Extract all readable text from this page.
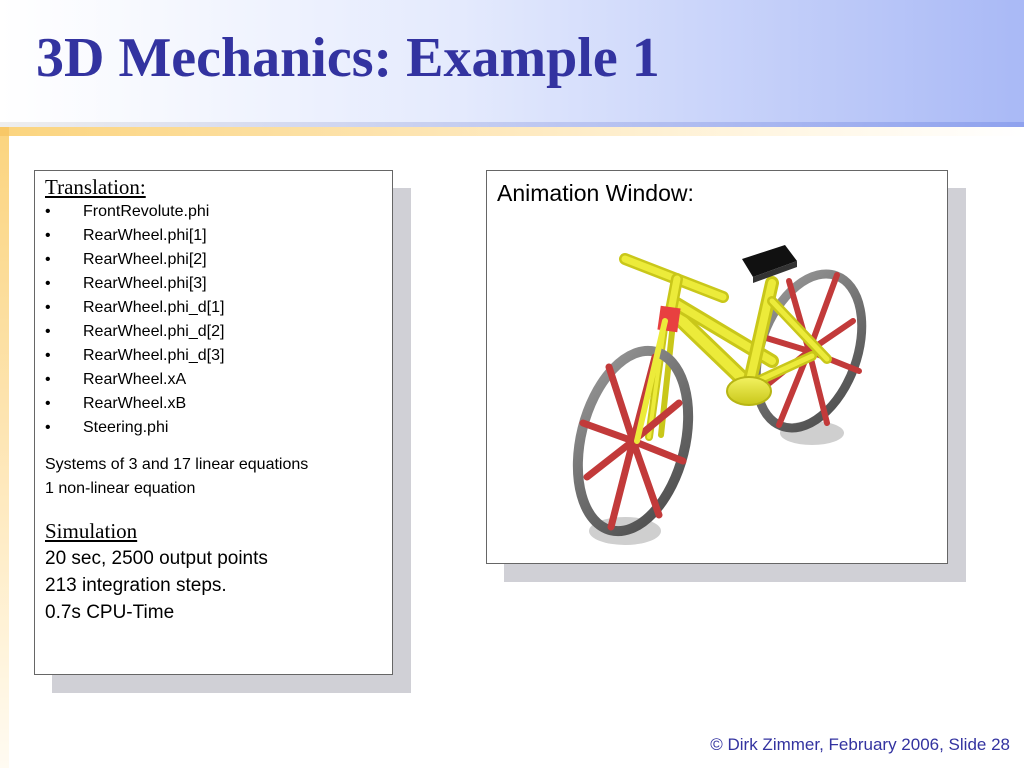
3D Mechanics: Example 1

Translation:

•	FrontRevolute.phi
•	RearWheel.phi[1]
•	RearWheel.phi[2]
•	RearWheel.phi[3]
•	RearWheel.phi_d[1]
•	RearWheel.phi_d[2]
•	RearWheel.phi_d[3]
•	RearWheel.xA
•	RearWheel.xB
•	Steering.phi
Systems of 3 and 17 linear equations
1 non-linear equation

Simulation

20 sec, 2500 output points
213 integration steps.
0.7s CPU-Time
Animation Window:
© Dirk Zimmer, February 2006, Slide 28
